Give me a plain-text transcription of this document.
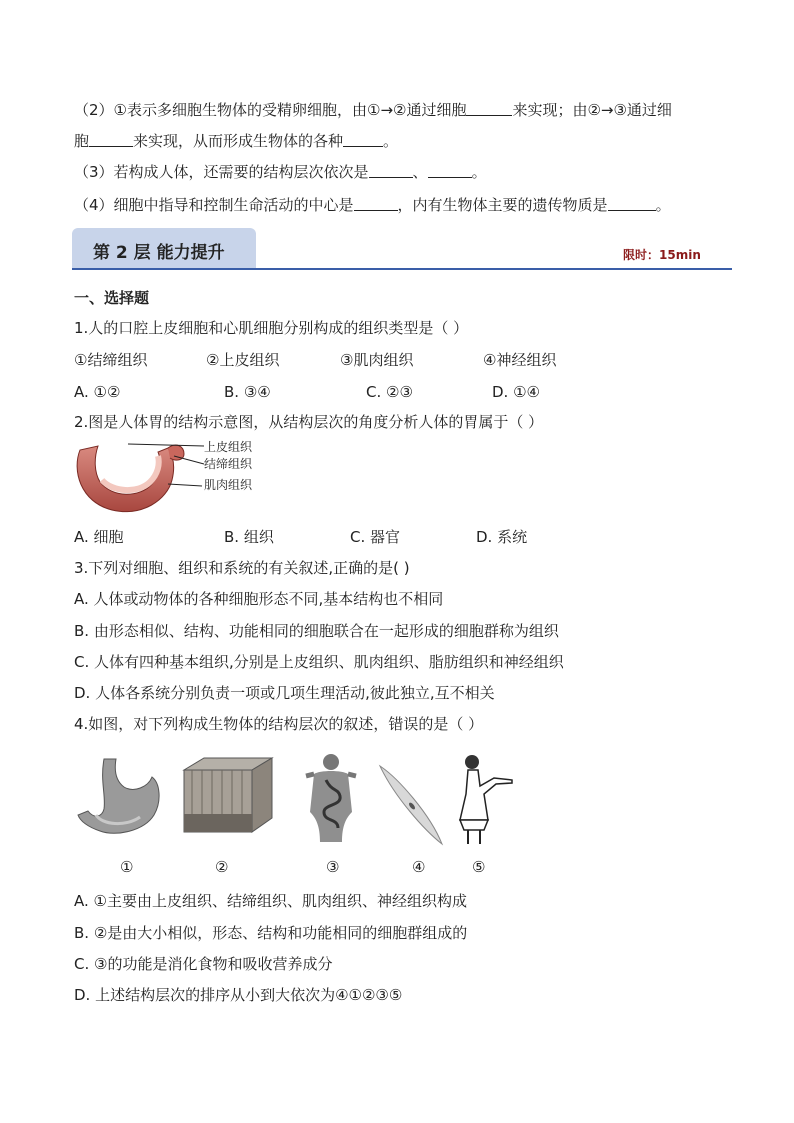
（2）①表示多细胞生物体的受精卵细胞，由①→②通过细胞	来实现；由②→③通过细
胞	来实现，从而形成生物体的各种	。
（3）若构成人体，还需要的结构层次依次是	、	。
（4）细胞中指导和控制生命活动的中心是	，内有生物体主要的遗传物质是	。
第 2 层 能力提升	限时：15min
一、选择题
1.人的口腔上皮细胞和心肌细胞分别构成的组织类型是（ ）
①结缔组织	②上皮组织	③肌肉组织	④神经组织
A. ①②	B. ③④	C. ②③	D. ①④
2.图是人体胃的结构示意图，从结构层次的角度分析人体的胃属于（ ）
上皮组织
结缔组织
肌肉组织
A. 细胞	B. 组织	C. 器官	D. 系统
3.下列对细胞、组织和系统的有关叙述,正确的是( )
A. 人体或动物体的各种细胞形态不同,基本结构也不相同
B. 由形态相似、结构、功能相同的细胞联合在一起形成的细胞群称为组织
C. 人体有四种基本组织,分别是上皮组织、肌肉组织、脂肪组织和神经组织
D. 人体各系统分别负责一项或几项生理活动,彼此独立,互不相关
4.如图，对下列构成生物体的结构层次的叙述，错误的是（ ）
①	②	③	④	⑤
A. ①主要由上皮组织、结缔组织、肌肉组织、神经组织构成
B. ②是由大小相似，形态、结构和功能相同的细胞群组成的
C. ③的功能是消化食物和吸收营养成分
D. 上述结构层次的排序从小到大依次为④①②③⑤
